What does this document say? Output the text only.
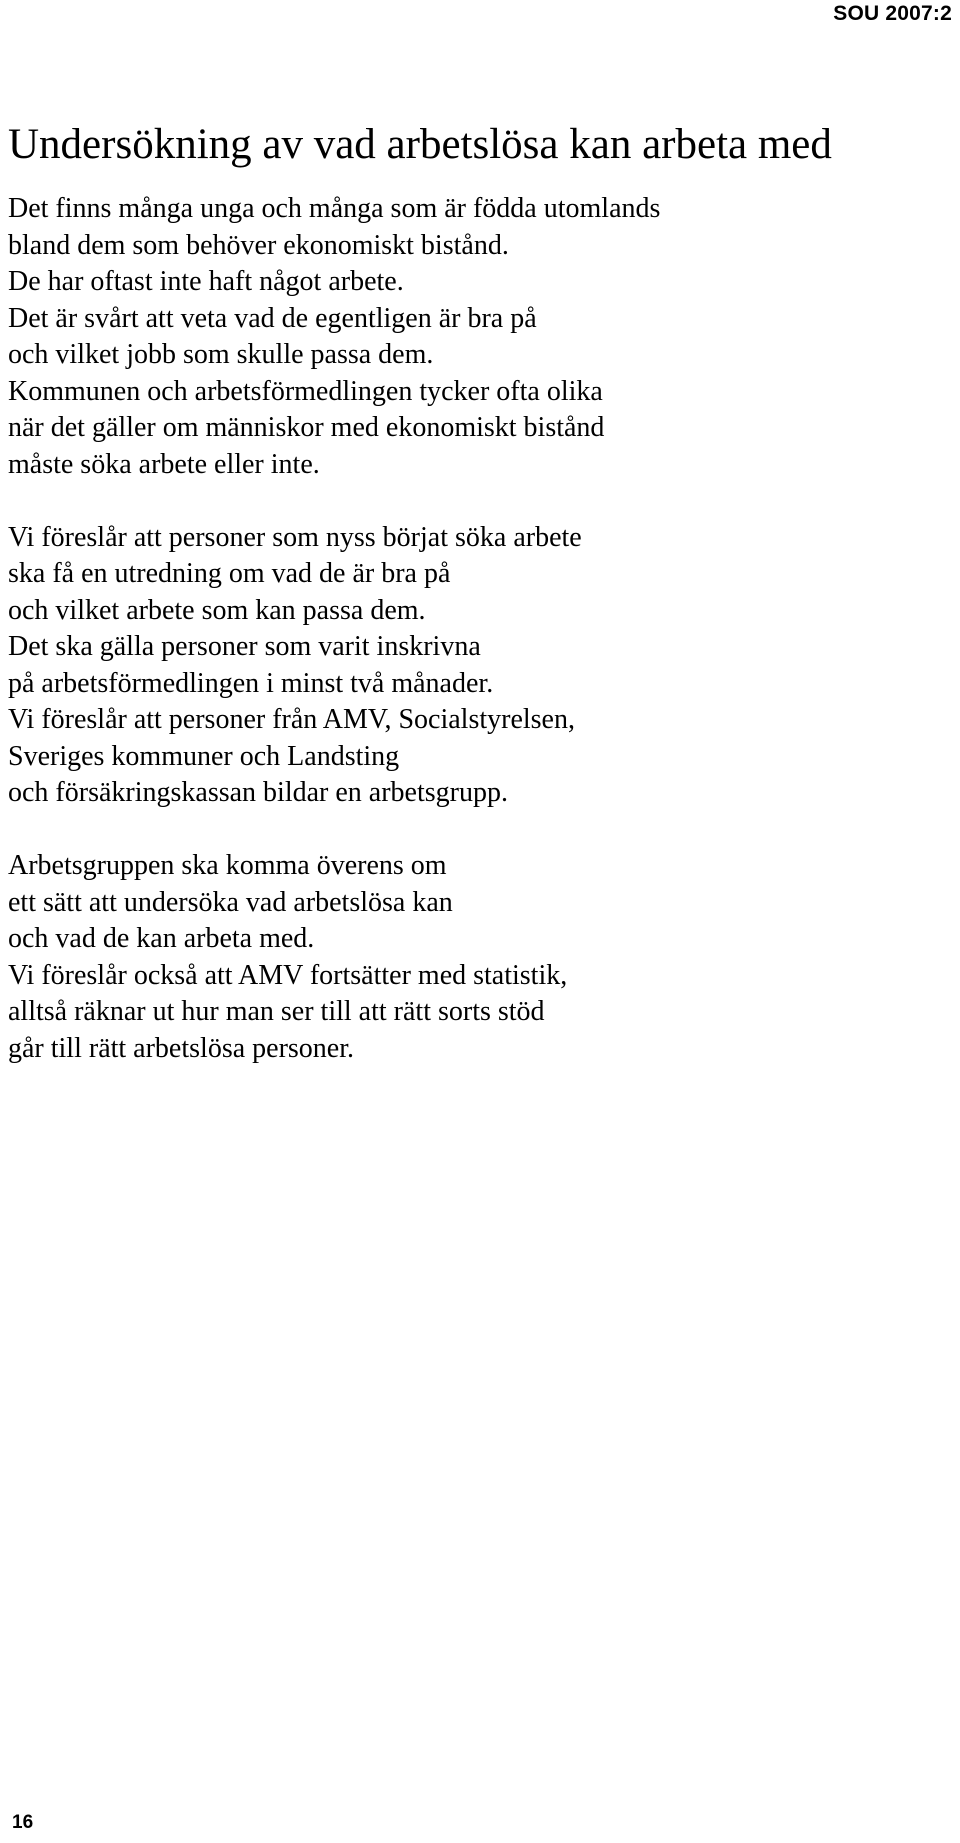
SOU 2007:2
Undersökning av vad arbetslösa kan arbeta med

Det finns många unga och många som är födda utomlands
bland dem som behöver ekonomiskt bistånd.
De har oftast inte haft något arbete.
Det är svårt att veta vad de egentligen är bra på
och vilket jobb som skulle passa dem.
Kommunen och arbetsförmedlingen tycker ofta olika
när det gäller om människor med ekonomiskt bistånd
måste söka arbete eller inte.

Vi föreslår att personer som nyss börjat söka arbete
ska få en utredning om vad de är bra på
och vilket arbete som kan passa dem.
Det ska gälla personer som varit inskrivna
på arbetsförmedlingen i minst två månader.
Vi föreslår att personer från AMV, Socialstyrelsen,
Sveriges kommuner och Landsting
och försäkringskassan bildar en arbetsgrupp.

Arbetsgruppen ska komma överens om
ett sätt att undersöka vad arbetslösa kan
och vad de kan arbeta med.
Vi föreslår också att AMV fortsätter med statistik,
alltså räknar ut hur man ser till att rätt sorts stöd
går till rätt arbetslösa personer.

16
